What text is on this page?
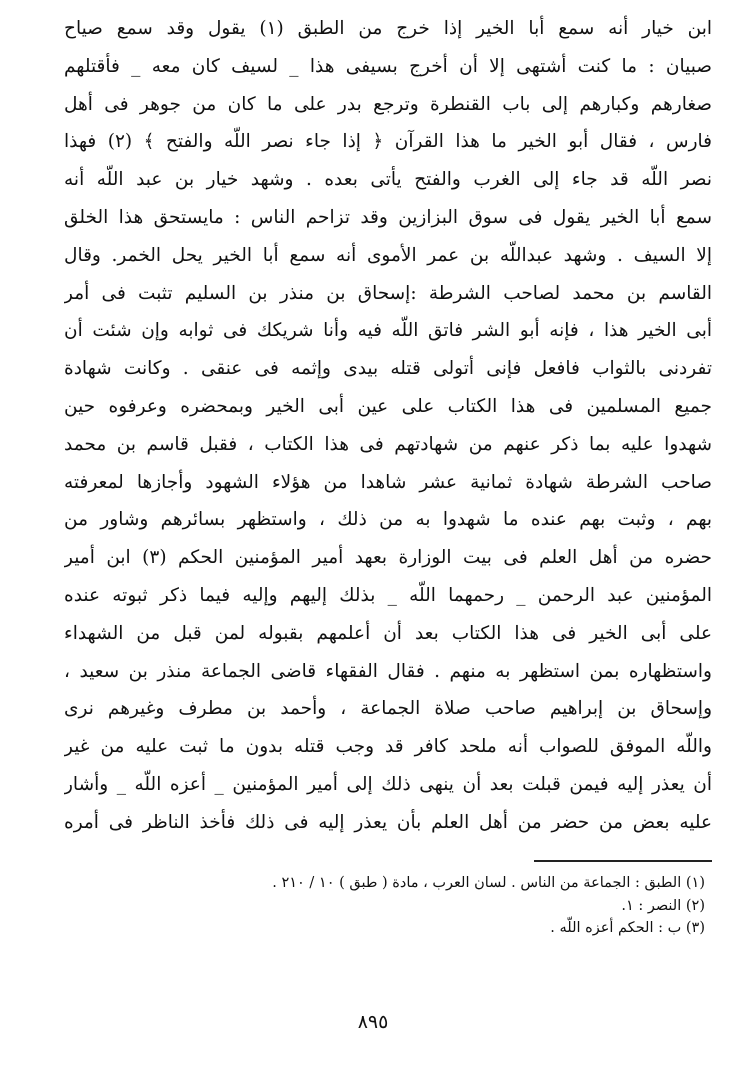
ابن خيار أنه سمع أبا الخير إذا خرج من الطبق (١) يقول وقد سمع صياح
صبيان : ما كنت أشتهى إلا أن أخرج بسيفى هذا _ لسيف كان معه _ فأقتلهم
صغارهم وكبارهم إلى باب القنطرة وترجع بدر على ما كان من جوهر فى أهل
فارس ، فقال أبو الخير ما هذا القرآن ﴿ إذا جاء نصر اللّه والفتح ﴾ (٢) فهذا
نصر اللّه قد جاء إلى الغرب والفتح يأتى بعده . وشهد خيار بن عبد اللّه أنه
سمع أبا الخير يقول فى سوق البزازين وقد تزاحم الناس : مايستحق هذا الخلق
إلا السيف . وشهد عبداللّه بن عمر الأموى أنه سمع أبا الخير يحل الخمر. وقال
القاسم بن محمد لصاحب الشرطة :إسحاق بن منذر بن السليم تثبت فى أمر
أبى الخير هذا ، فإنه أبو الشر فاتق اللّه فيه وأنا شريكك فى ثوابه وإن شئت أن
تفردنى بالثواب فافعل فإنى أتولى قتله بيدى وإثمه فى عنقى . وكانت شهادة
جميع المسلمين فى هذا الكتاب على عين أبى الخير وبمحضره وعرفوه حين
شهدوا عليه بما ذكر عنهم من شهادتهم فى هذا الكتاب ، فقبل قاسم بن محمد
صاحب الشرطة شهادة ثمانية عشر شاهدا من هؤلاء الشهود وأجازها لمعرفته
بهم ، وثبت بهم عنده ما شهدوا به من ذلك ، واستظهر بسائرهم وشاور من
حضره من أهل العلم فى بيت الوزارة بعهد أمير المؤمنين الحكم (٣) ابن أمير
المؤمنين عبد الرحمن _ رحمهما اللّه _ بذلك إليهم وإليه فيما ذكر ثبوته عنده
على أبى الخير فى هذا الكتاب بعد أن أعلمهم بقبوله لمن قبل من الشهداء
واستظهاره بمن استظهر به منهم . فقال الفقهاء قاضى الجماعة منذر بن سعيد ،
وإسحاق بن إبراهيم صاحب صلاة الجماعة ، وأحمد بن مطرف وغيرهم نرى
واللّه الموفق للصواب أنه ملحد كافر قد وجب قتله بدون ما ثبت عليه من غير
أن يعذر إليه فيمن قبلت بعد أن ينهى ذلك إلى أمير المؤمنين _ أعزه اللّه _ وأشار
عليه بعض من حضر من أهل العلم بأن يعذر إليه فى ذلك فأخذ الناظر فى أمره
(١) الطبق : الجماعة من الناس . لسان العرب ، مادة ( طبق ) ١٠ / ٢١٠ .
(٢) النصر : ١.
(٣) ب : الحكم أعزه اللّه .
٨٩٥
